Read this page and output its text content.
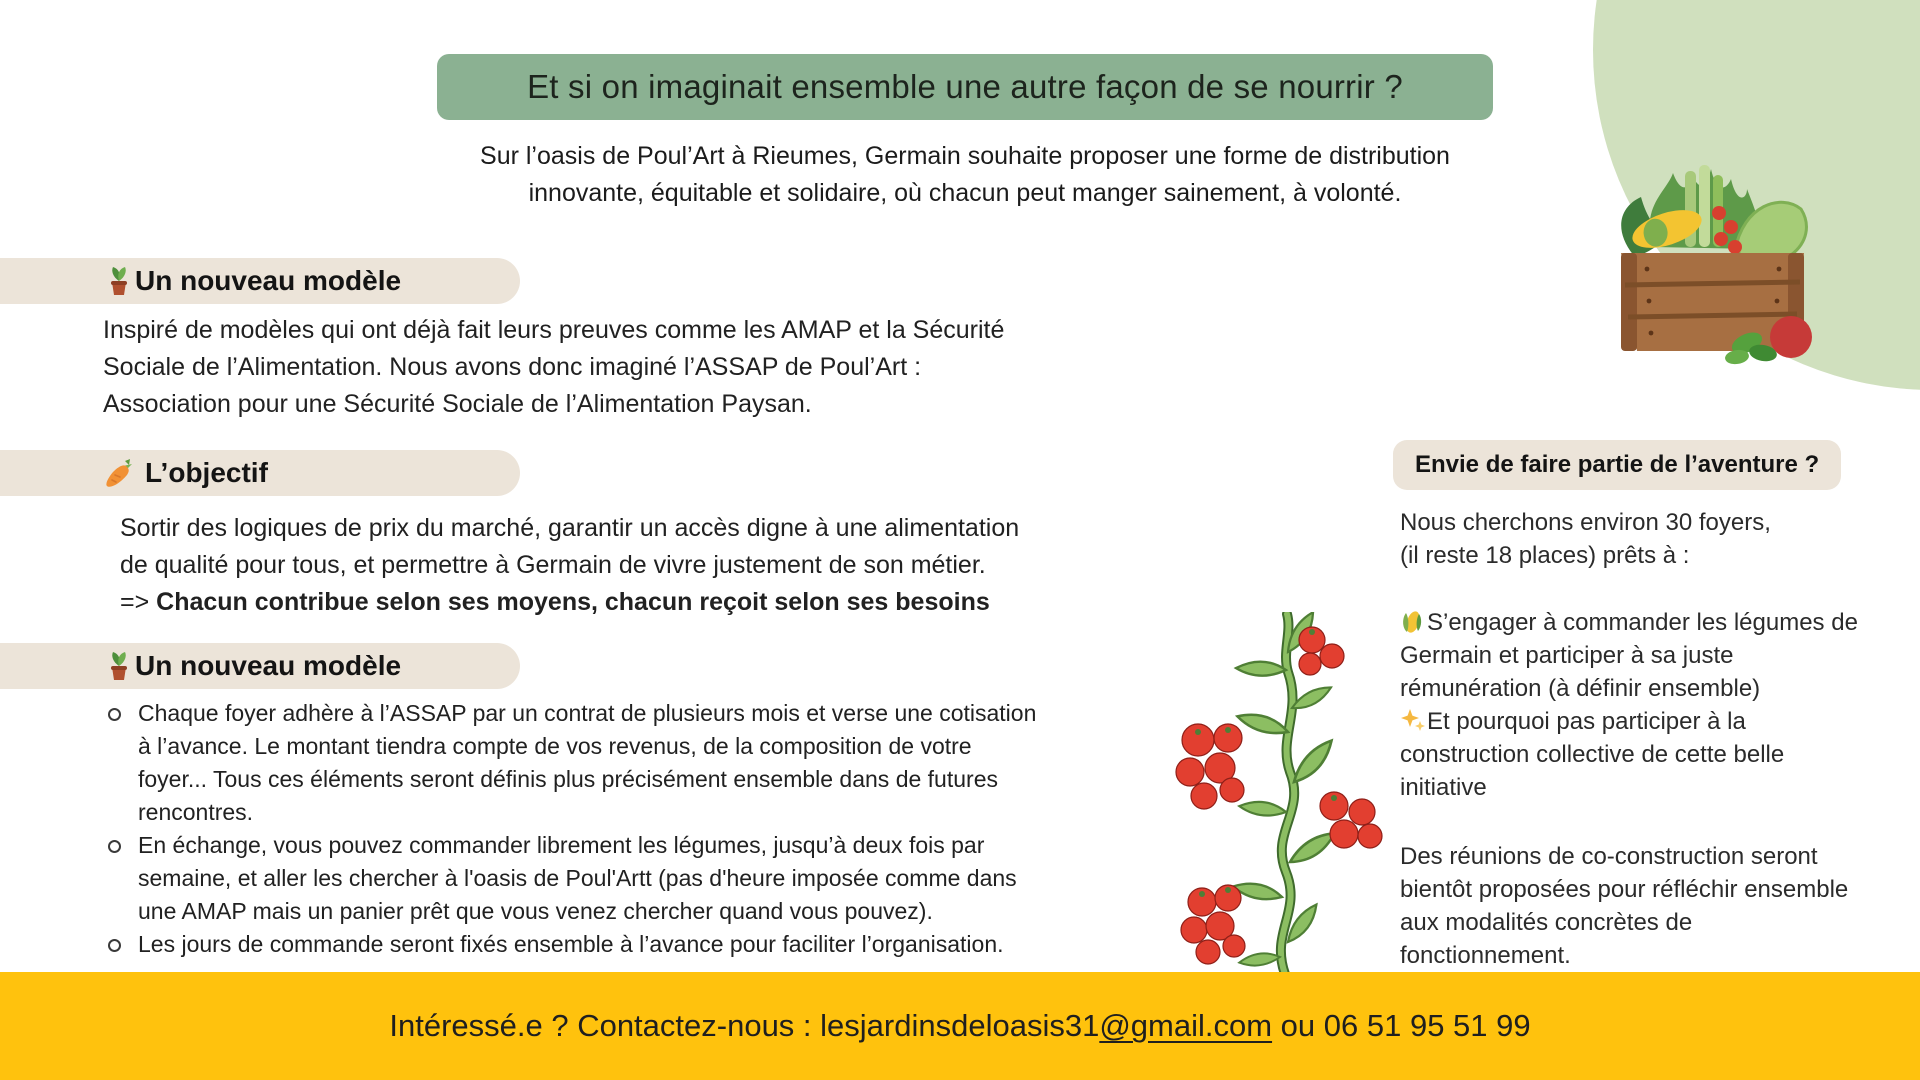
Et si on imaginait ensemble une autre façon de se nourrir ?
Sur l’oasis de Poul’Art à Rieumes, Germain souhaite proposer une forme de distribution
innovante, équitable et solidaire, où chacun peut manger sainement, à volonté.
Un nouveau modèle
Inspiré de modèles qui ont déjà fait leurs preuves comme les AMAP et la Sécurité
Sociale de l’Alimentation. Nous avons donc imaginé l’ASSAP de Poul’Art :
Association pour une Sécurité Sociale de l’Alimentation Paysan.
L’objectif
Sortir des logiques de prix du marché, garantir un accès digne à une alimentation
de qualité pour tous, et permettre à Germain de vivre justement de son métier.
=> Chacun contribue selon ses moyens, chacun reçoit selon ses besoins
Un nouveau modèle
Chaque foyer adhère à l’ASSAP par un contrat de plusieurs mois et verse une cotisation
à l’avance. Le montant tiendra compte de vos revenus, de la composition de votre
foyer... Tous ces éléments seront définis plus précisément ensemble dans de futures
rencontres.
En échange, vous pouvez commander librement les légumes, jusqu’à deux fois par
semaine, et aller les chercher à l'oasis de Poul'Artt (pas d'heure imposée comme dans
une AMAP mais un panier prêt que vous venez chercher quand vous pouvez).
Les jours de commande seront fixés ensemble à l’avance pour faciliter l’organisation.
Envie de faire partie de l’aventure ?
Nous cherchons environ 30 foyers,
(il reste 18 places) prêts à :
S’engager à commander les légumes de
Germain et participer à sa juste
rémunération (à définir ensemble)
Et pourquoi pas participer à la
construction collective de cette belle
initiative
Des réunions de co-construction seront
bientôt proposées pour réfléchir ensemble
aux modalités concrètes de
fonctionnement.
Intéressé.e ? Contactez-nous : lesjardinsdeloasis31@gmail.com ou 06 51 95 51 99
